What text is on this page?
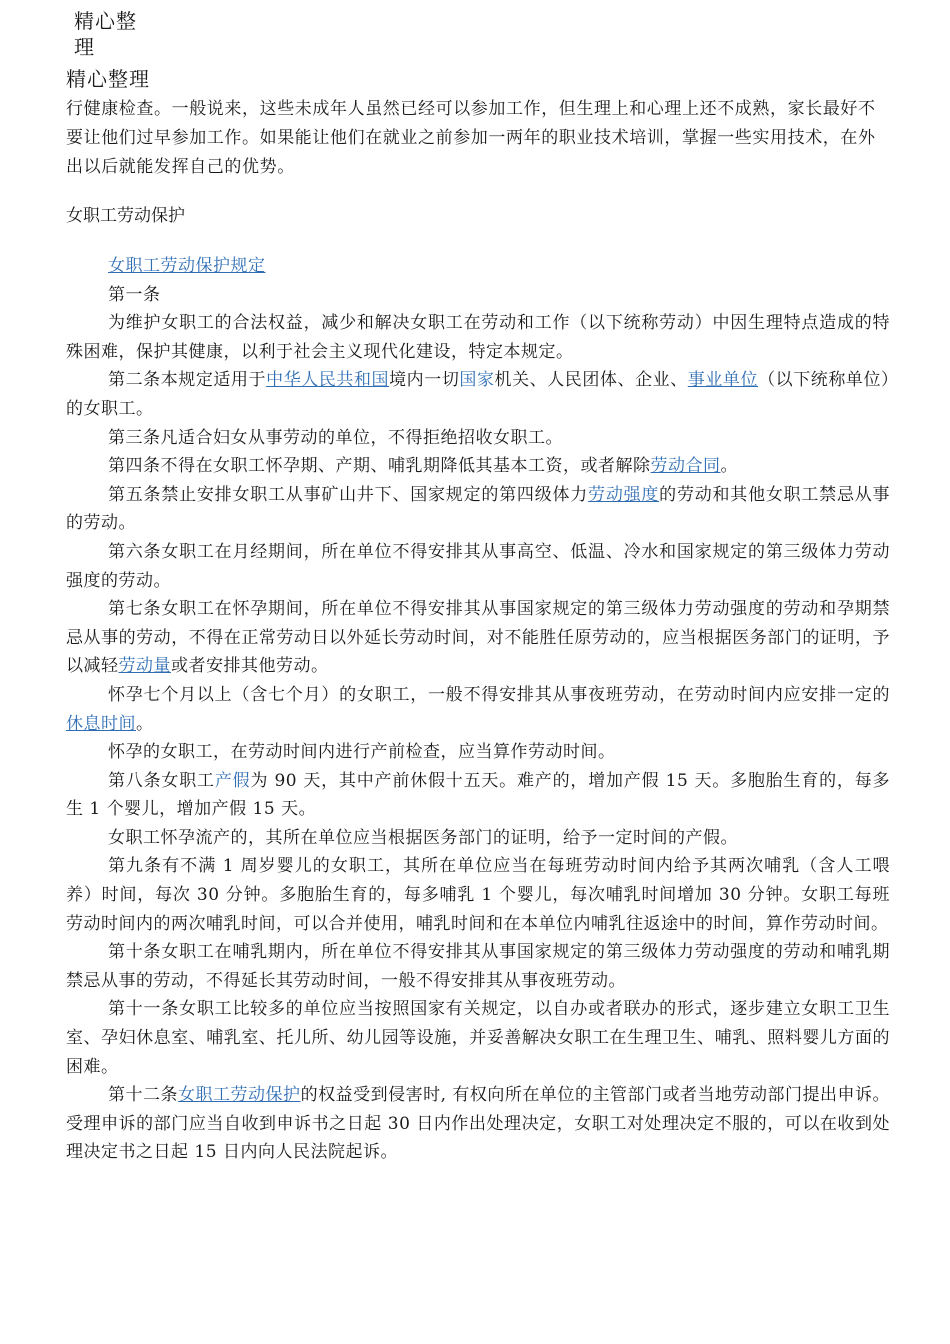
精心整理
精心整理
行健康检查。一般说来，这些未成年人虽然已经可以参加工作，但生理上和心理上还不成熟，家长最好不要让他们过早参加工作。如果能让他们在就业之前参加一两年的职业技术培训，掌握一些实用技术，在外出以后就能发挥自己的优势。
女职工劳动保护

女职工劳动保护规定

第一条

为维护女职工的合法权益，减少和解决女职工在劳动和工作（以下统称劳动）中因生理特点造成的特殊困难，保护其健康，以利于社会主义现代化建设，特定本规定。

第二条本规定适用于中华人民共和国境内一切国家机关、人民团体、企业、事业单位（以下统称单位）的女职工。

第三条凡适合妇女从事劳动的单位，不得拒绝招收女职工。

第四条不得在女职工怀孕期、产期、哺乳期降低其基本工资，或者解除劳动合同。

第五条禁止安排女职工从事矿山井下、国家规定的第四级体力劳动强度的劳动和其他女职工禁忌从事的劳动。

第六条女职工在月经期间，所在单位不得安排其从事高空、低温、冷水和国家规定的第三级体力劳动强度的劳动。

第七条女职工在怀孕期间，所在单位不得安排其从事国家规定的第三级体力劳动强度的劳动和孕期禁忌从事的劳动，不得在正常劳动日以外延长劳动时间，对不能胜任原劳动的，应当根据医务部门的证明，予以减轻劳动量或者安排其他劳动。

怀孕七个月以上（含七个月）的女职工，一般不得安排其从事夜班劳动，在劳动时间内应安排一定的休息时间。

怀孕的女职工，在劳动时间内进行产前检查，应当算作劳动时间。

第八条女职工产假为 90 天，其中产前休假十五天。难产的，增加产假 15 天。多胞胎生育的，每多生 1 个婴儿，增加产假 15 天。

女职工怀孕流产的，其所在单位应当根据医务部门的证明，给予一定时间的产假。

第九条有不满 1 周岁婴儿的女职工，其所在单位应当在每班劳动时间内给予其两次哺乳（含人工喂养）时间，每次 30 分钟。多胞胎生育的，每多哺乳 1 个婴儿，每次哺乳时间增加 30 分钟。女职工每班劳动时间内的两次哺乳时间，可以合并使用，哺乳时间和在本单位内哺乳往返途中的时间，算作劳动时间。

第十条女职工在哺乳期内，所在单位不得安排其从事国家规定的第三级体力劳动强度的劳动和哺乳期禁忌从事的劳动，不得延长其劳动时间，一般不得安排其从事夜班劳动。

第十一条女职工比较多的单位应当按照国家有关规定，以自办或者联办的形式，逐步建立女职工卫生室、孕妇休息室、哺乳室、托儿所、幼儿园等设施，并妥善解决女职工在生理卫生、哺乳、照料婴儿方面的困难。

第十二条女职工劳动保护的权益受到侵害时, 有权向所在单位的主管部门或者当地劳动部门提出申诉。受理申诉的部门应当自收到申诉书之日起 30 日内作出处理决定，女职工对处理决定不服的，可以在收到处理决定书之日起 15 日内向人民法院起诉。
